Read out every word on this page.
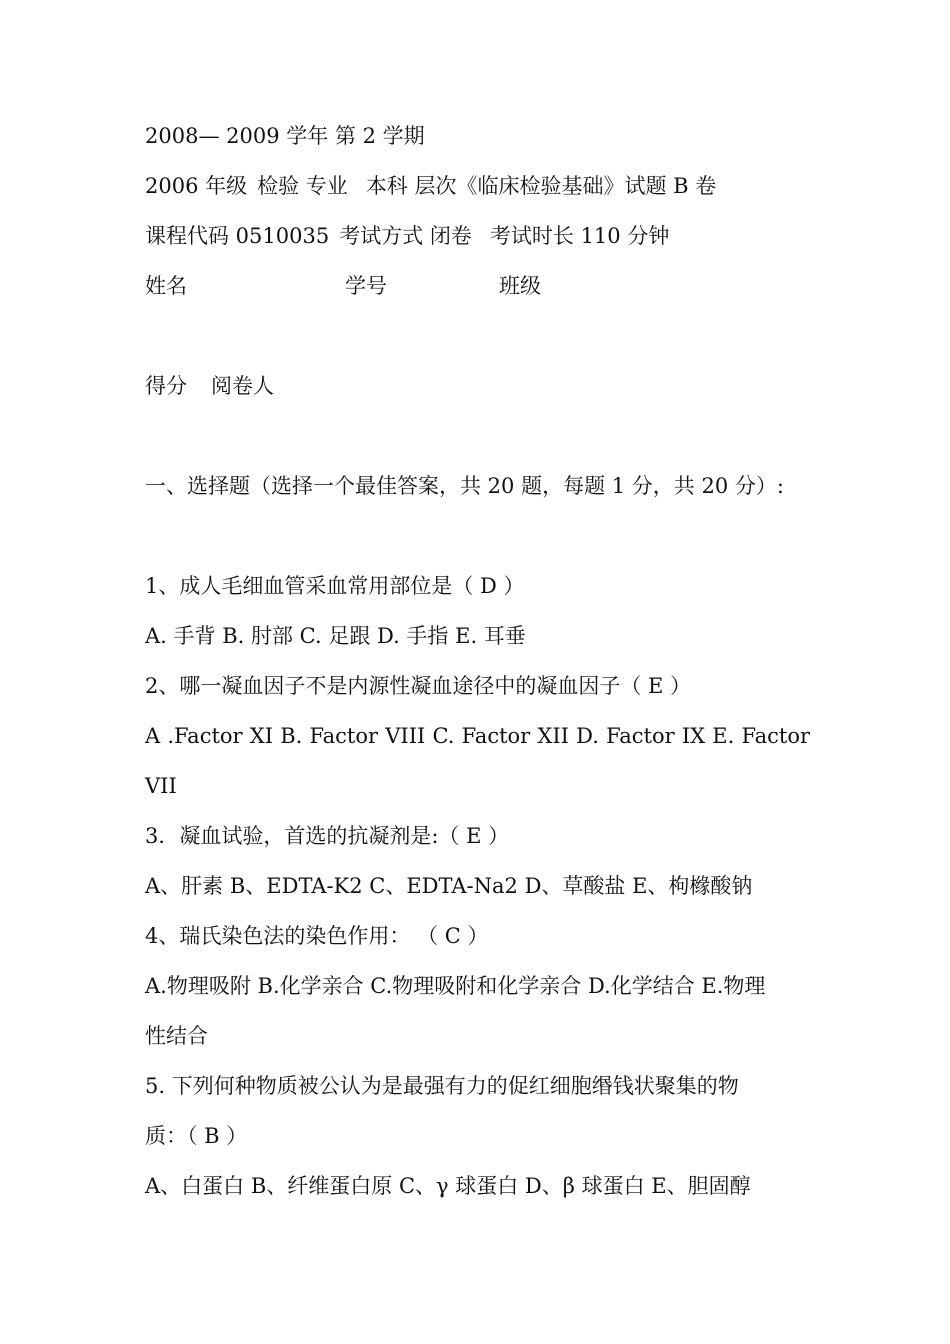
2008— 2009 学年 第 2 学期
2006 年级 检验 专业 本科 层次《临床检验基础》试题 B 卷
课程代码 0510035 考试方式 闭卷 考试时长 110 分钟
姓名	学号	班级
得分 阅卷人
一、选择题（选择一个最佳答案，共 20 题，每题 1 分，共 20 分）:
1、成人毛细血管采血常用部位是（ D ）
A. 手背 B. 肘部 C. 足跟 D. 手指 E. 耳垂
2、哪一凝血因子不是内源性凝血途径中的凝血因子（ E ）
A .Factor XI B. Factor VIII C. Factor XII D. Factor IX E. Factor
VII
3．凝血试验，首选的抗凝剂是:（ E ）
A、肝素 B、EDTA-K2 C、EDTA-Na2 D、草酸盐 E、枸橼酸钠
4、瑞氏染色法的染色作用： （ C ）
A.物理吸附 B.化学亲合 C.物理吸附和化学亲合 D.化学结合 E.物理
性结合
5. 下列何种物质被公认为是最强有力的促红细胞缗钱状聚集的物
质：（ B ）
A、白蛋白 B、纤维蛋白原 C、γ 球蛋白 D、β 球蛋白 E、胆固醇
